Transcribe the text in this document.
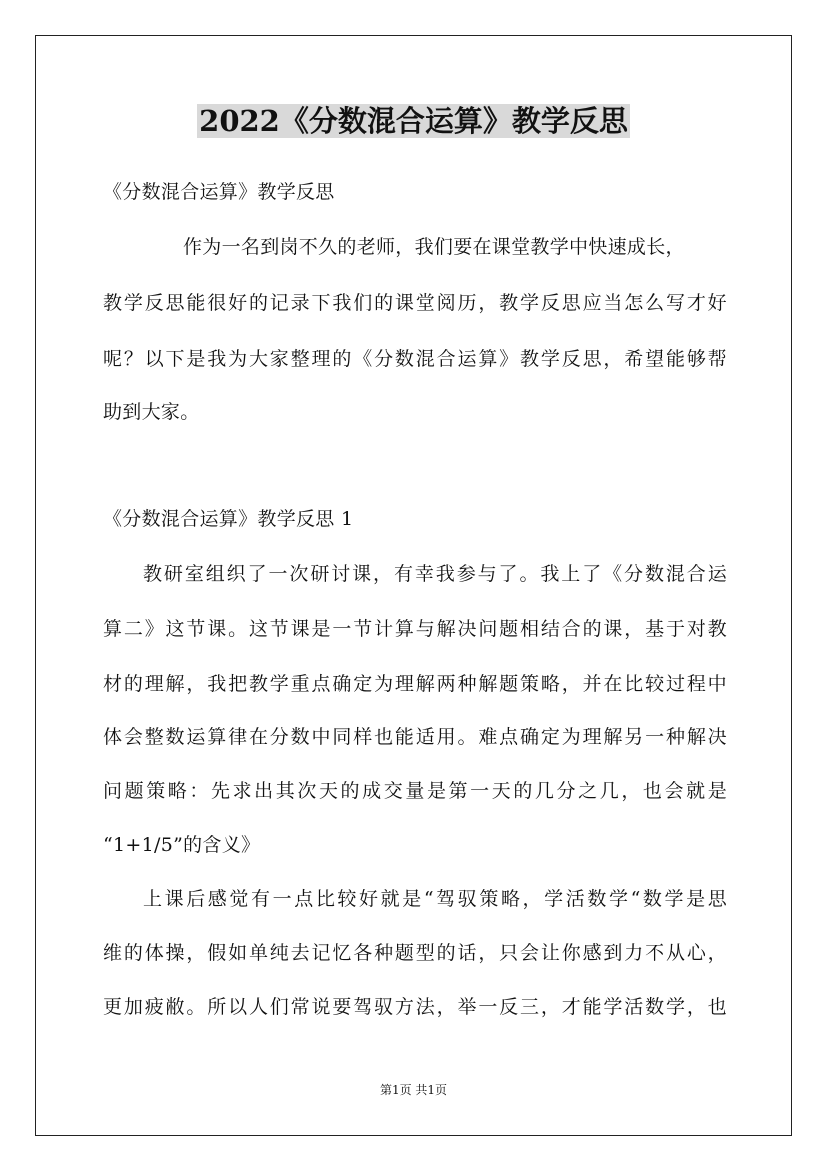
2022《分数混合运算》教学反思
《分数混合运算》教学反思
作为一名到岗不久的老师，我们要在课堂教学中快速成长，
教学反思能很好的记录下我们的课堂阅历，教学反思应当怎么写才好
呢？以下是我为大家整理的《分数混合运算》教学反思，希望能够帮
助到大家。
《分数混合运算》教学反思 1
教研室组织了一次研讨课，有幸我参与了。我上了《分数混合运
算二》这节课。这节课是一节计算与解决问题相结合的课，基于对教
材的理解，我把教学重点确定为理解两种解题策略，并在比较过程中
体会整数运算律在分数中同样也能适用。难点确定为理解另一种解决
问题策略：先求出其次天的成交量是第一天的几分之几，也会就是
“1+1/5”的含义》
上课后感觉有一点比较好就是“驾驭策略，学活数学“数学是思
维的体操，假如单纯去记忆各种题型的话，只会让你感到力不从心，
更加疲敝。所以人们常说要驾驭方法，举一反三，才能学活数学，也
第1页 共1页
